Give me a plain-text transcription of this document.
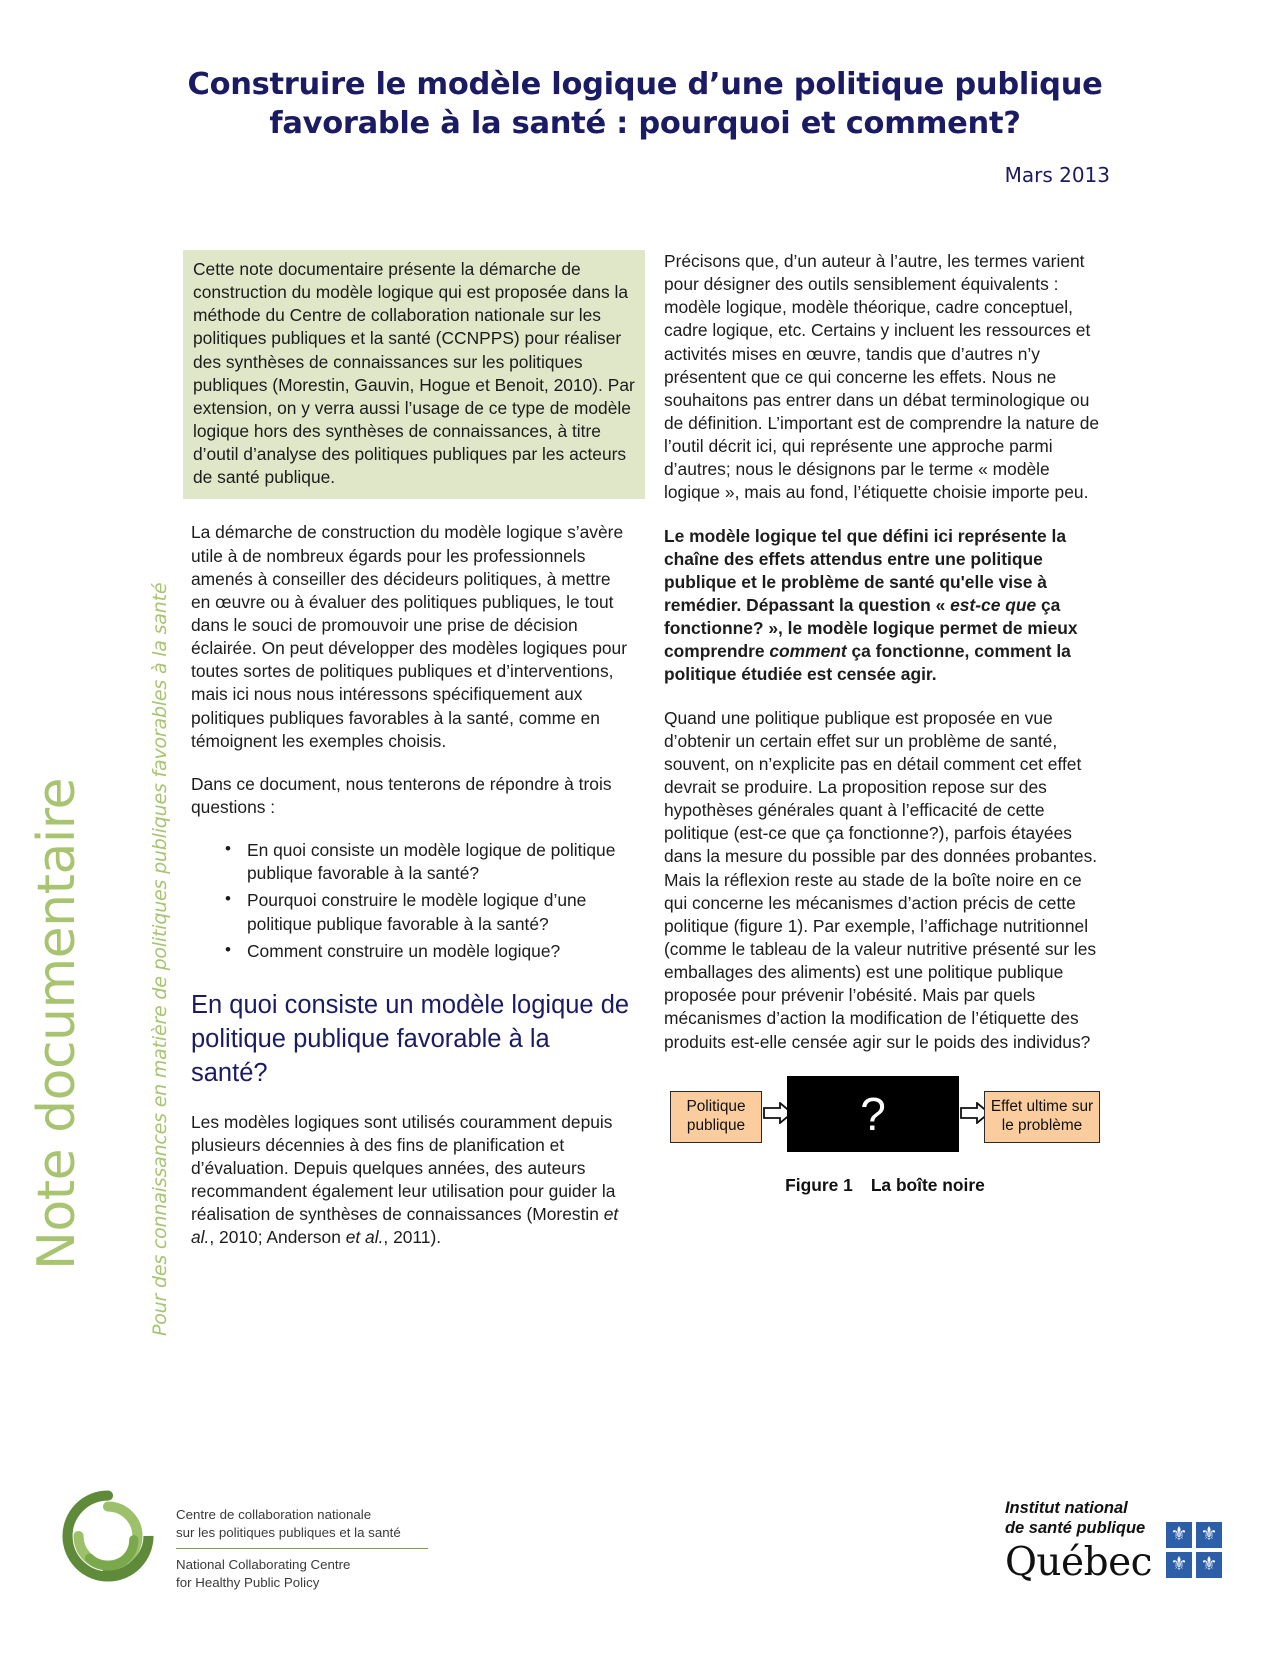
Construire le modèle logique d’une politique publique
favorable à la santé : pourquoi et comment?
Mars 2013
Note documentaire	Pour des connaissances en matière de politiques publiques favorables à la santé

Cette note documentaire présente la démarche de construction du modèle logique qui est proposée dans la méthode du Centre de collaboration nationale sur les politiques publiques et la santé (CCNPPS) pour réaliser des synthèses de connaissances sur les politiques publiques (Morestin, Gauvin, Hogue et Benoit, 2010). Par extension, on y verra aussi l’usage de ce type de modèle logique hors des synthèses de connaissances, à titre d’outil d’analyse des politiques publiques par les acteurs de santé publique.

La démarche de construction du modèle logique s’avère utile à de nombreux égards pour les professionnels amenés à conseiller des décideurs politiques, à mettre en œuvre ou à évaluer des politiques publiques, le tout dans le souci de promouvoir une prise de décision éclairée. On peut développer des modèles logiques pour toutes sortes de politiques publiques et d’interventions, mais ici nous nous intéressons spécifiquement aux politiques publiques favorables à la santé, comme en témoignent les exemples choisis.

Dans ce document, nous tenterons de répondre à trois questions :

• En quoi consiste un modèle logique de politique publique favorable à la santé?
• Pourquoi construire le modèle logique d’une politique publique favorable à la santé?
• Comment construire un modèle logique?
En quoi consiste un modèle logique de politique publique favorable à la santé?

Les modèles logiques sont utilisés couramment depuis plusieurs décennies à des fins de planification et d’évaluation. Depuis quelques années, des auteurs recommandent également leur utilisation pour guider la réalisation de synthèses de connaissances (Morestin et al., 2010; Anderson et al., 2011).

Précisons que, d’un auteur à l’autre, les termes varient pour désigner des outils sensiblement équivalents : modèle logique, modèle théorique, cadre conceptuel, cadre logique, etc. Certains y incluent les ressources et activités mises en œuvre, tandis que d’autres n’y présentent que ce qui concerne les effets. Nous ne souhaitons pas entrer dans un débat terminologique ou de définition. L’important est de comprendre la nature de l’outil décrit ici, qui représente une approche parmi d’autres; nous le désignons par le terme « modèle logique », mais au fond, l’étiquette choisie importe peu.

Le modèle logique tel que défini ici représente la chaîne des effets attendus entre une politique publique et le problème de santé qu'elle vise à remédier. Dépassant la question « est-ce que ça fonctionne? », le modèle logique permet de mieux comprendre comment ça fonctionne, comment la politique étudiée est censée agir.

Quand une politique publique est proposée en vue d’obtenir un certain effet sur un problème de santé, souvent, on n’explicite pas en détail comment cet effet devrait se produire. La proposition repose sur des hypothèses générales quant à l’efficacité de cette politique (est-ce que ça fonctionne?), parfois étayées dans la mesure du possible par des données probantes. Mais la réflexion reste au stade de la boîte noire en ce qui concerne les mécanismes d’action précis de cette politique (figure 1). Par exemple, l’affichage nutritionnel (comme le tableau de la valeur nutritive présenté sur les emballages des aliments) est une politique publique proposée pour prévenir l’obésité. Mais par quels mécanismes d’action la modification de l’étiquette des produits est-elle censée agir sur le poids des individus?

Politique publique	?	Effet ultime sur le problème
Figure 1 La boîte noire
Centre de collaboration nationale
sur les politiques publiques et la santé
National Collaborating Centre
for Healthy Public Policy
Institut national
de santé publique
Québec
⚜ ⚜
⚜ ⚜
